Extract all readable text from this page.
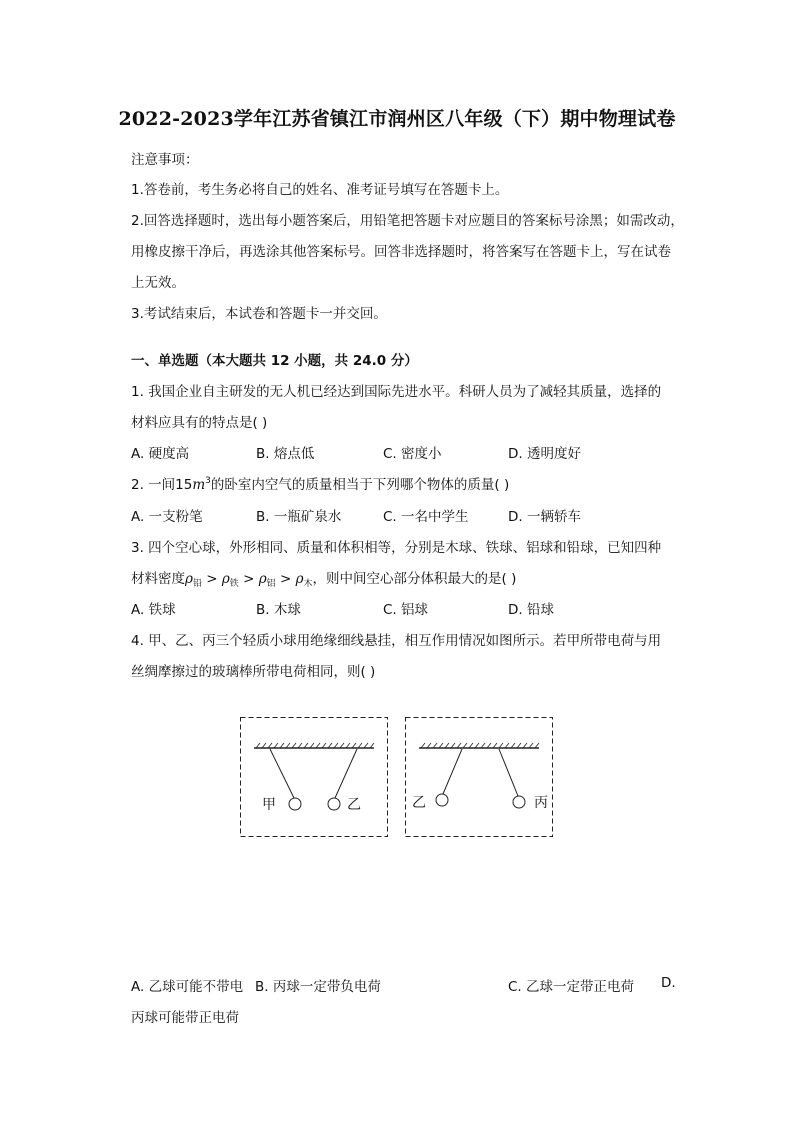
2022-2023学年江苏省镇江市润州区八年级（下）期中物理试卷
注意事项：
1.答卷前，考生务必将自己的姓名、准考证号填写在答题卡上。
2.回答选择题时，选出每小题答案后，用铅笔把答题卡对应题目的答案标号涂黑；如需改动，
用橡皮擦干净后，再选涂其他答案标号。回答非选择题时，将答案写在答题卡上，写在试卷
上无效。
3.考试结束后，本试卷和答题卡一并交回。
一、单选题（本大题共 12 小题，共 24.0 分）
1. 我国企业自主研发的无人机已经达到国际先进水平。科研人员为了减轻其质量，选择的
材料应具有的特点是( )
A. 硬度高	B. 熔点低	C. 密度小	D. 透明度好
2. 一间$15m^3$的卧室内空气的质量相当于下列哪个物体的质量( )
A. 一支粉笔	B. 一瓶矿泉水	C. 一名中学生	D. 一辆轿车
3. 四个空心球，外形相同、质量和体积相等，分别是木球、铁球、铝球和铅球，已知四种
材料密度$\rho_铅 > \rho_铁 > \rho_铝 > \rho_木$，则中间空心部分体积最大的是( )
A. 铁球	B. 木球	C. 铝球	D. 铅球
4. 甲、乙、丙三个轻质小球用绝缘细线悬挂，相互作用情况如图所示。若甲所带电荷与用
丝绸摩擦过的玻璃棒所带电荷相同，则( )
甲	乙	乙	丙
A. 乙球可能不带电 B. 丙球一定带负电荷	C. 乙球一定带正电荷 D.
丙球可能带正电荷
